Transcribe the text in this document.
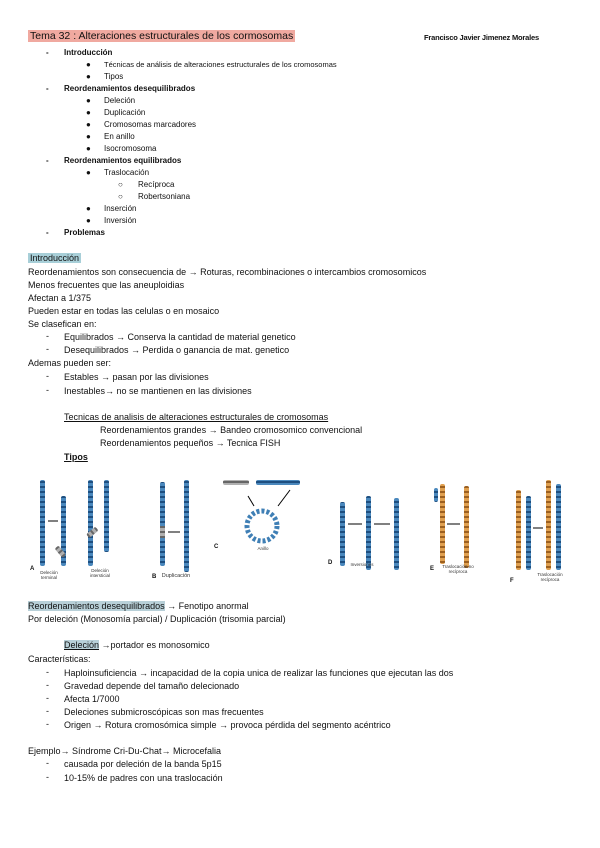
Tema 32 : Alteraciones estructurales de los cormosomas	Francisco Javier Jimenez Morales
- Introducción
● Técnicas de análisis de alteraciones estructurales de los cromosomas
● Tipos
- Reordenamientos desequilibrados
● Deleción
● Duplicación
● Cromosomas marcadores
● En anillo
● Isocromosoma
- Reordenamientos equilibrados
● Traslocación
○ Recíproca
○ Robertsoniana
● Inserción
● Inversión
- Problemas
Introducción
Reordenamientos son consecuencia de → Roturas, recombinaciones o intercambios cromosomicos
Menos frecuentes que las aneuploidias
Afectan a 1/375
Pueden estar en todas las celulas o en mosaico
Se clasefican en:
- Equilibrados → Conserva la cantidad de material genetico
- Desequilibrados → Perdida o ganancia de mat. genetico
Ademas pueden ser:
- Estables → pasan por las divisiones
- Inestables→ no se mantienen en las divisiones
Tecnicas de analisis de alteraciones estructurales de cromosomas
Reordenamientos grandes → Bandeo cromosomico convencional
Reordenamientos pequeños → Tecnica FISH
Tipos
A
Deleción terminal
Deleción intersticial	B Duplicación
C	Anillo
D	Inversiones
E	Traslocación no recíproca
F
Traslocación recíproca
Reordenamientos desequilibrados → Fenotipo anormal
Por deleción (Monosomía parcial) / Duplicación (trisomia parcial)
Deleción →portador es monosomico
Características:
- Haploinsuficiencia → incapacidad de la copia unica de realizar las funciones que ejecutan las dos
- Gravedad depende del tamaño delecionado
- Afecta 1/7000
- Deleciones submicroscópicas son mas frecuentes
- Origen → Rotura cromosómica simple → provoca pérdida del segmento acéntrico
Ejemplo→ Síndrome Cri-Du-Chat→ Microcefalia
- causada por deleción de la banda 5p15
- 10-15% de padres con una traslocación
